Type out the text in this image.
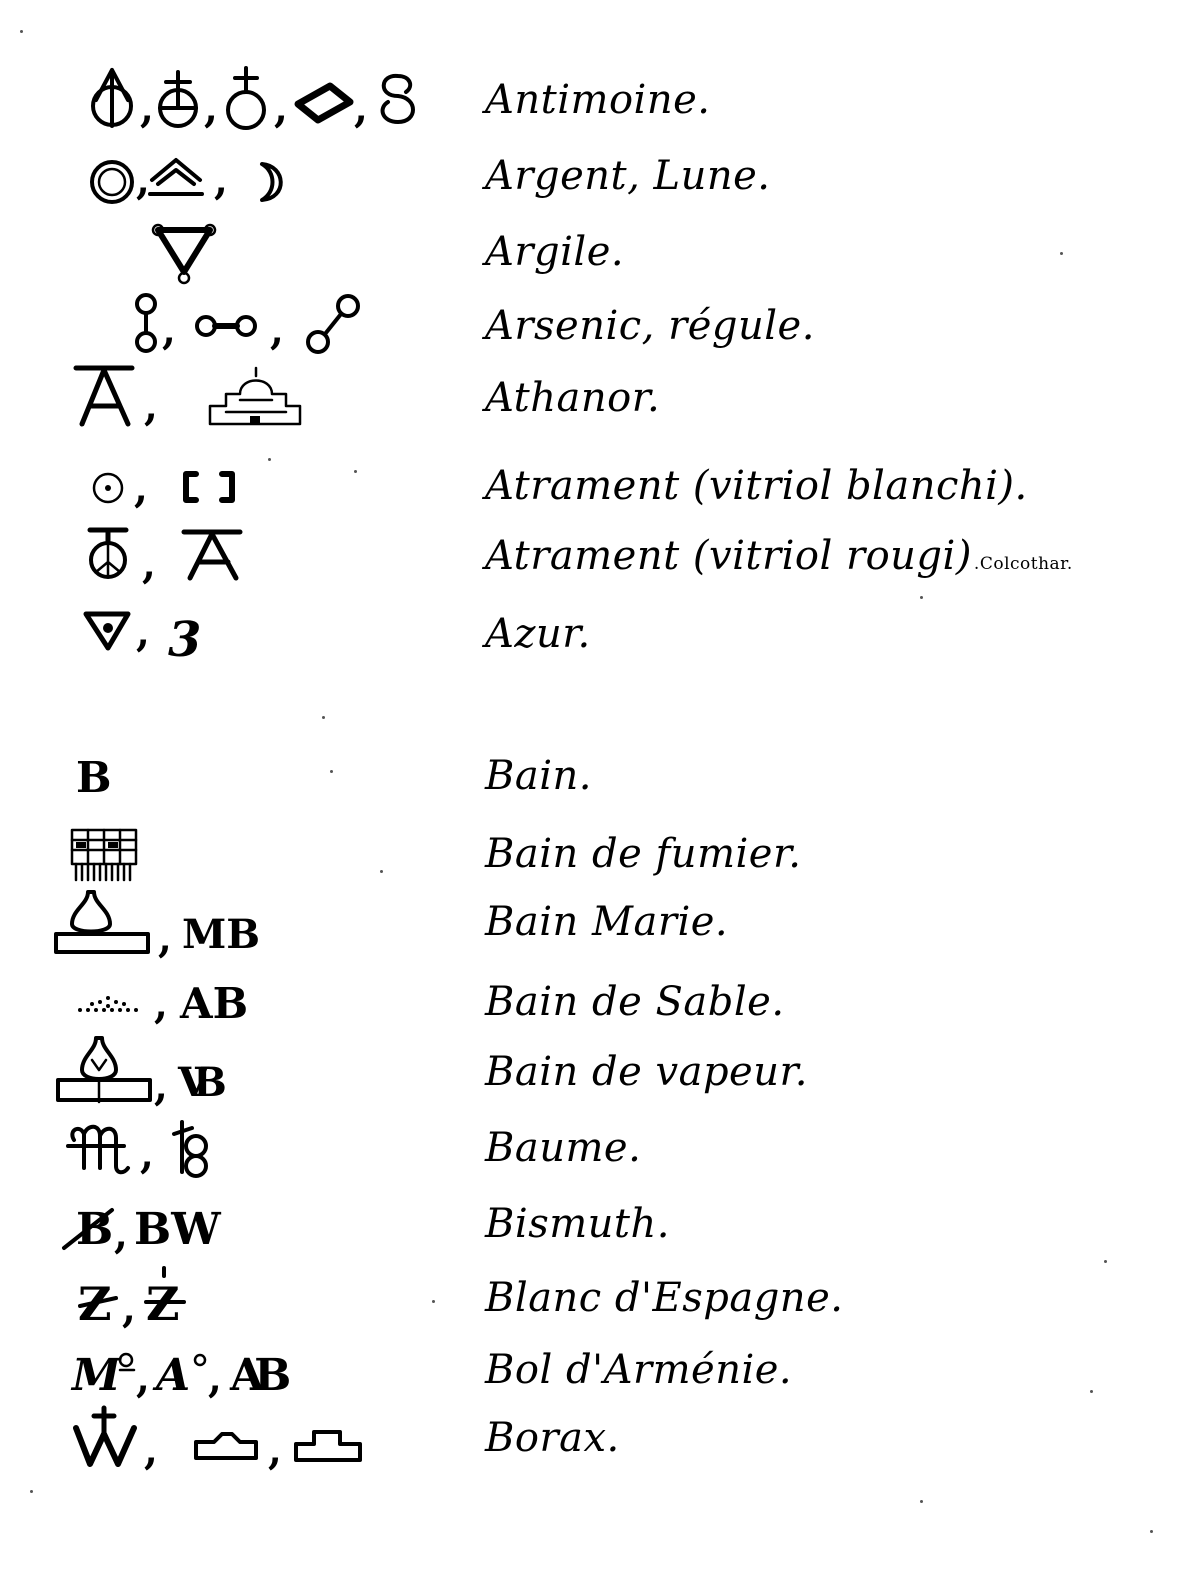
, , , ,	Antimoine.
, ,	Argent, Lune.
Argile.
, ,	Arsenic, régule.
,	Athanor.
,	Atrament (vitriol blanchi).
,	Atrament (vitriol rougi) .Colcothar.
, 3	Azur.
B	Bain.
Bain de fumier.
, MB	Bain Marie.
, AB	Bain de Sable.
, VB	Bain de vapeur.
,	Baume.
B , BW	Bismuth.
Z , Z	Blanc d'Espagne.
M , A , AB	Bol d'Arménie.
,	,	Borax.
